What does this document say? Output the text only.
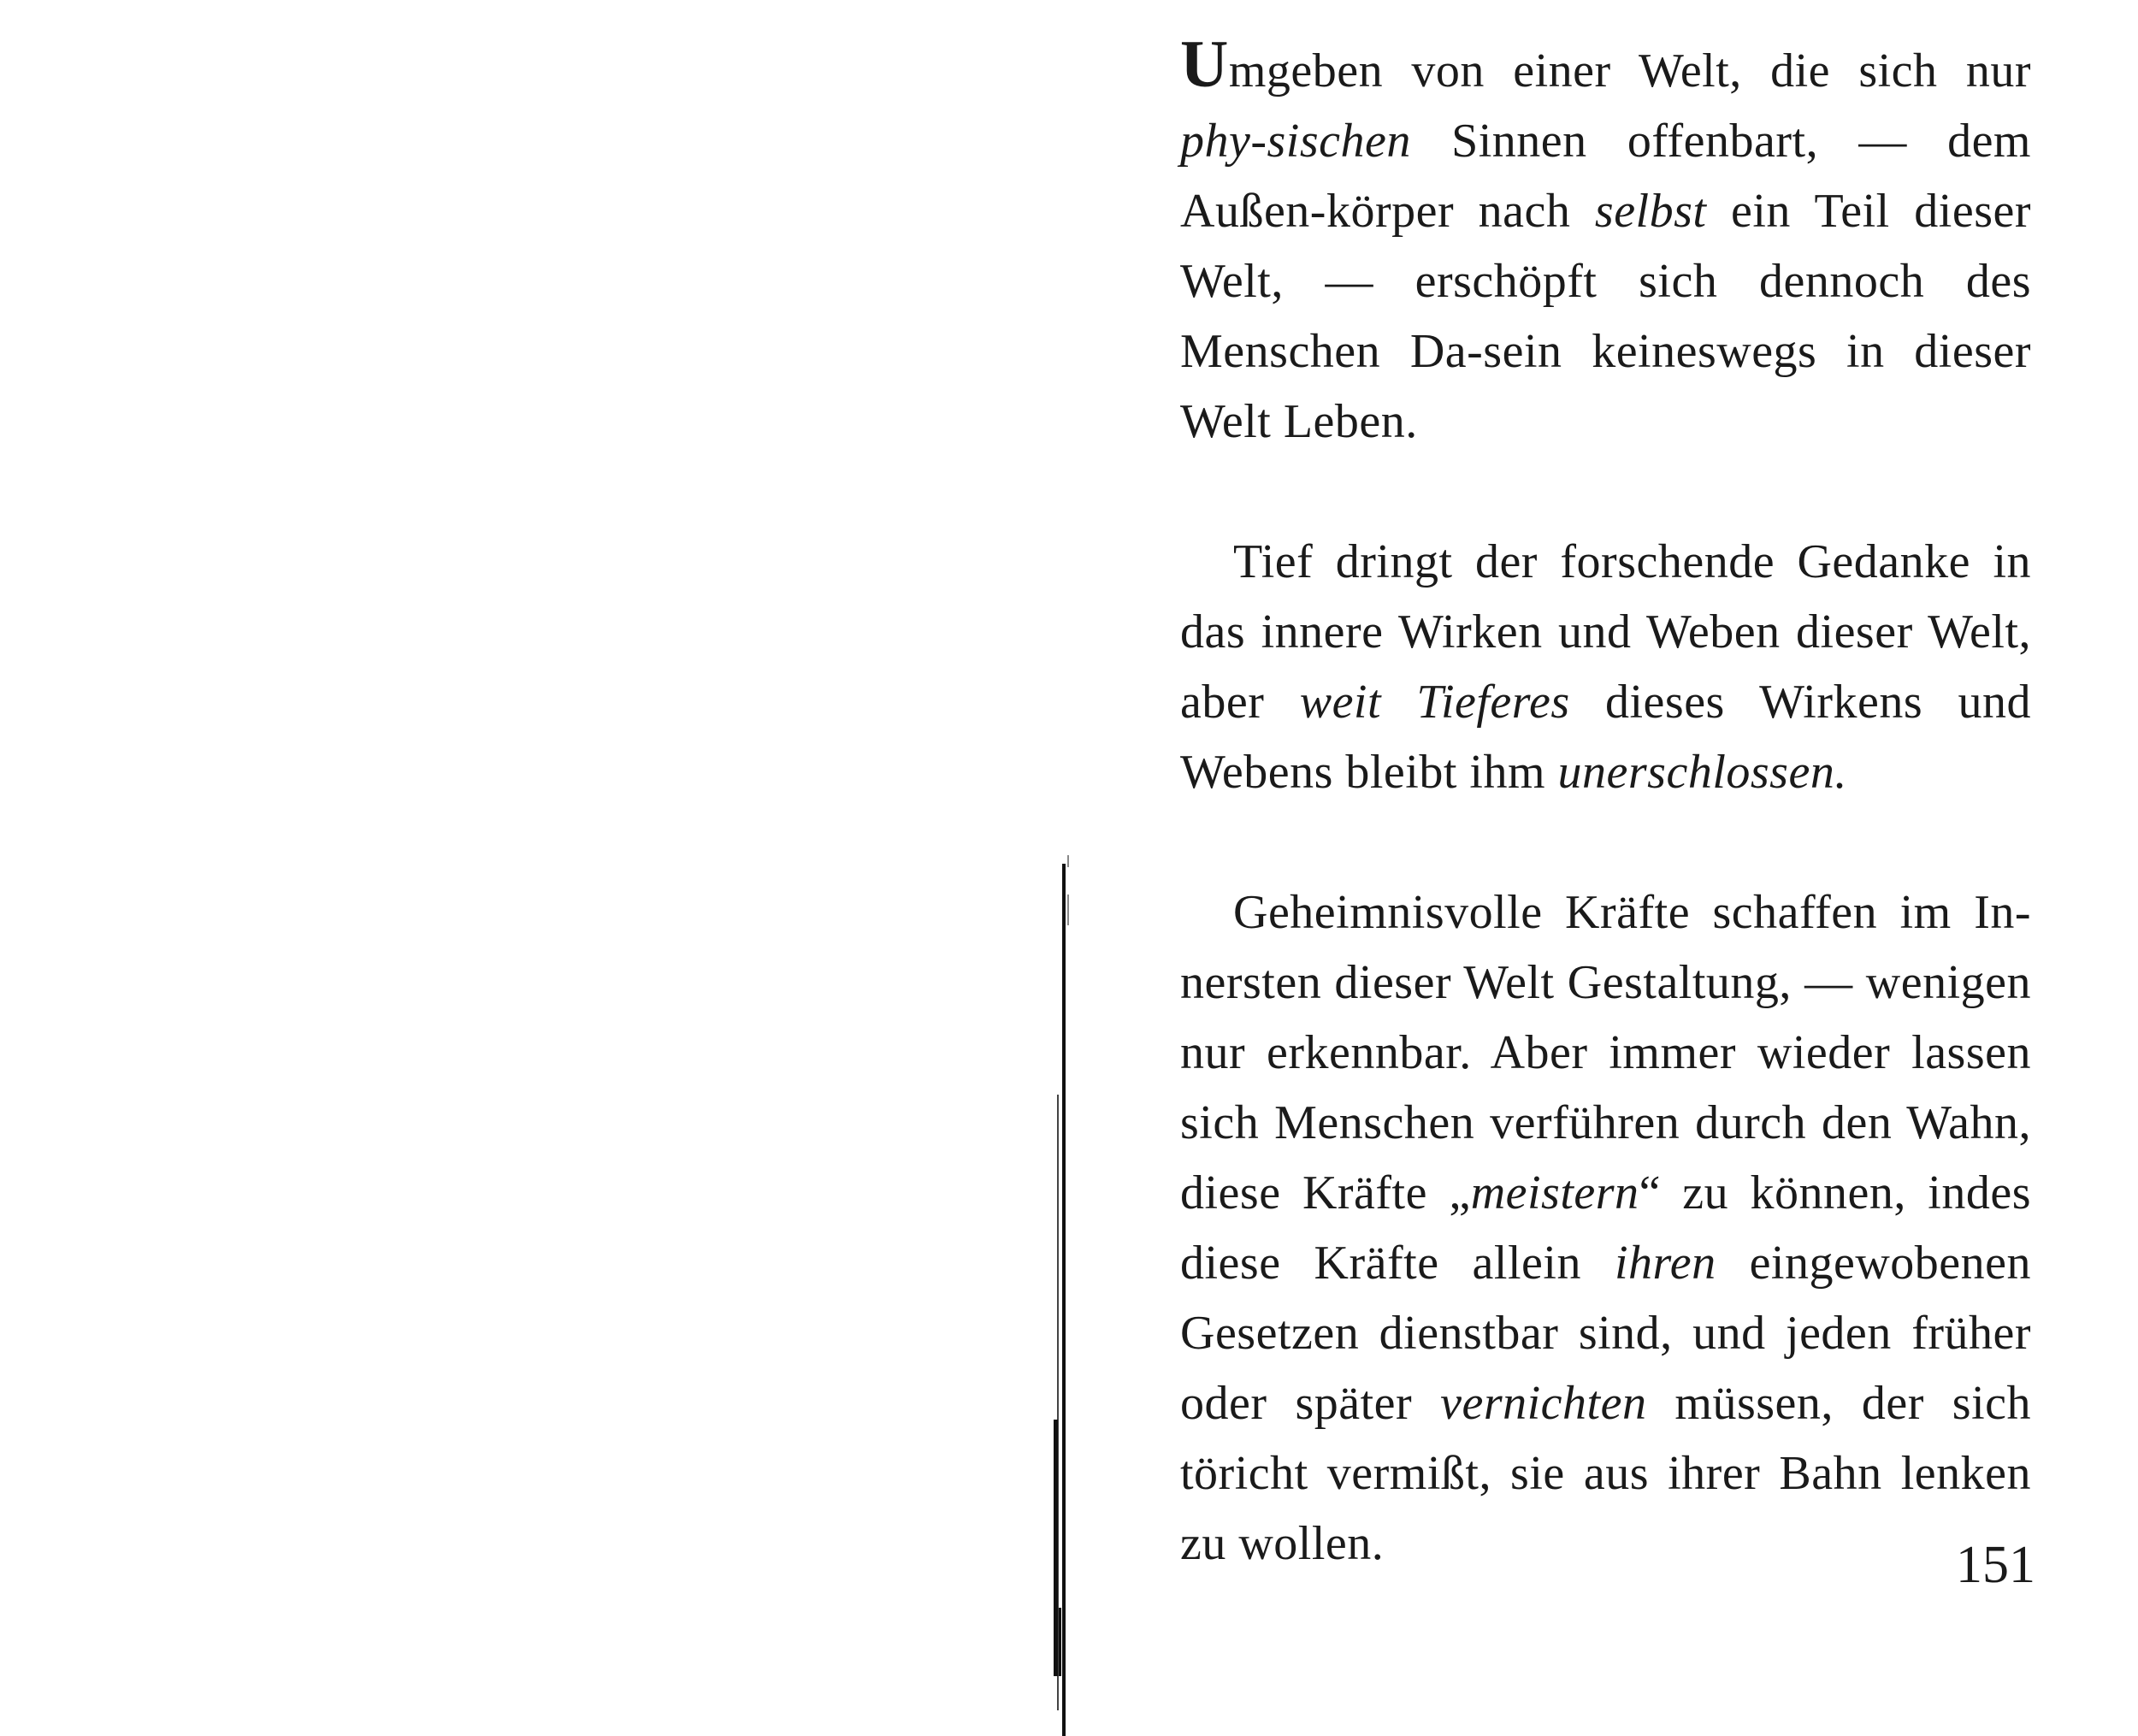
Umgeben von einer Welt, die sich nur phy-sischen Sinnen offenbart, — dem Außen-körper nach selbst ein Teil dieser Welt, — erschöpft sich dennoch des Menschen Da-sein keineswegs in dieser Welt Leben.

Tief dringt der forschende Gedanke in das innere Wirken und Weben dieser Welt, aber weit Tieferes dieses Wirkens und Webens bleibt ihm unerschlossen.

Geheimnisvolle Kräfte schaffen im In-nersten dieser Welt Gestaltung, — wenigen nur erkennbar. Aber immer wieder lassen sich Menschen verführen durch den Wahn, diese Kräfte „meistern“ zu können, indes diese Kräfte allein ihren eingewobenen Gesetzen dienstbar sind, und jeden früher oder später vernichten müssen, der sich töricht vermißt, sie aus ihrer Bahn lenken zu wollen.	151
